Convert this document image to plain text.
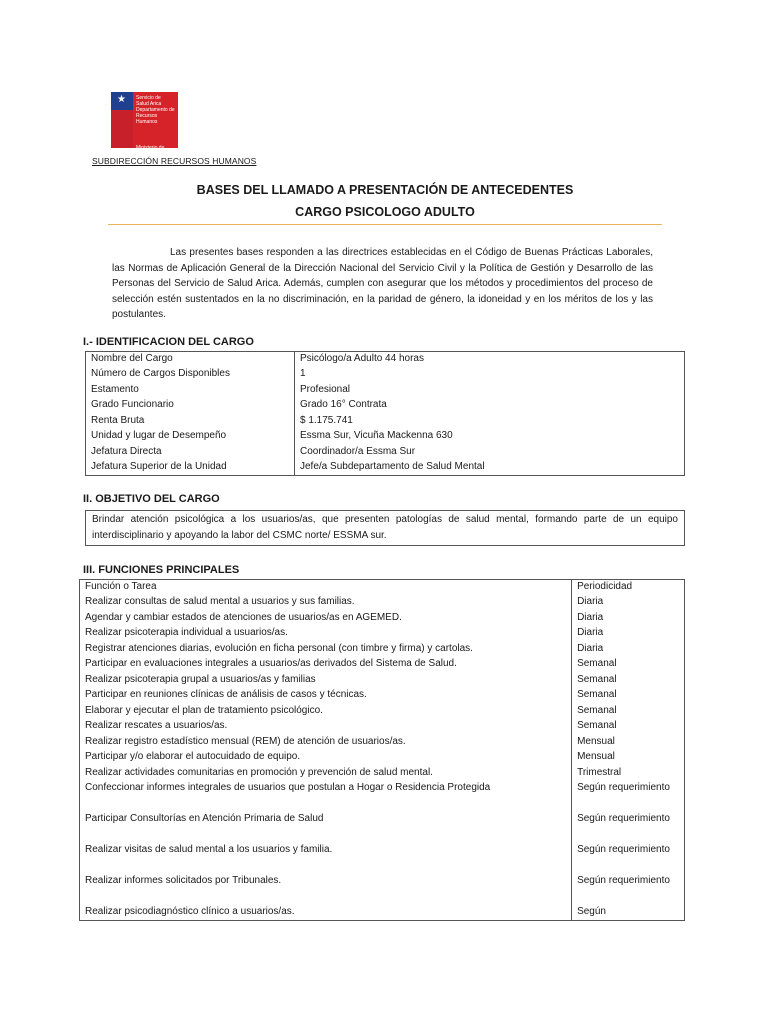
★ Servicio de
Salud Arica
Departamento de
Recursos Humanos
Ministerio de
Salud
SUBDIRECCIÓN RECURSOS HUMANOS
BASES DEL LLAMADO A PRESENTACIÓN DE ANTECEDENTES
CARGO PSICOLOGO ADULTO

Las presentes bases responden a las directrices establecidas en el Código de Buenas Prácticas Laborales, las Normas de Aplicación General de la Dirección Nacional del Servicio Civil y la Política de Gestión y Desarrollo de las Personas del Servicio de Salud Arica. Además, cumplen con asegurar que los métodos y procedimientos del proceso de selección estén sustentados en la no discriminación, en la paridad de género, la idoneidad y en los méritos de los y las postulantes.

I.- IDENTIFICACION DEL CARGO
Nombre del Cargo	Psicólogo/a Adulto 44 horas
Número de Cargos Disponibles	1
Estamento	Profesional
Grado Funcionario	Grado 16° Contrata
Renta Bruta	$ 1.175.741
Unidad y lugar de Desempeño	Essma Sur, Vicuña Mackenna 630
Jefatura Directa	Coordinador/a Essma Sur
Jefatura Superior de la Unidad	Jefe/a Subdepartamento de Salud Mental
II. OBJETIVO DEL CARGO
Brindar atención psicológica a los usuarios/as, que presenten patologías de salud mental, formando parte de un equipo interdisciplinario y apoyando la labor del CSMC norte/ ESSMA sur.
III. FUNCIONES PRINCIPALES
Función o Tarea	Periodicidad
Realizar consultas de salud mental a usuarios y sus familias.	Diaria
Agendar y cambiar estados de atenciones de usuarios/as en AGEMED.	Diaria
Realizar psicoterapia individual a usuarios/as.	Diaria
Registrar atenciones diarias, evolución en ficha personal (con timbre y firma) y cartolas.	Diaria
Participar en evaluaciones integrales a usuarios/as derivados del Sistema de Salud.	Semanal
Realizar psicoterapia grupal a usuarios/as y familias	Semanal
Participar en reuniones clínicas de análisis de casos y técnicas.	Semanal
Elaborar y ejecutar el plan de tratamiento psicológico.	Semanal
Realizar rescates a usuarios/as.	Semanal
Realizar registro estadístico mensual (REM) de atención de usuarios/as.	Mensual
Participar y/o elaborar el autocuidado de equipo.	Mensual
Realizar actividades comunitarias en promoción y prevención de salud mental.	Trimestral
Confeccionar informes integrales de usuarios que postulan a Hogar o Residencia Protegida	Según requerimiento
Participar Consultorías en Atención Primaria de Salud	Según requerimiento
Realizar visitas de salud mental a los usuarios y familia.	Según requerimiento
Realizar informes solicitados por Tribunales.	Según requerimiento
Realizar psicodiagnóstico clínico a usuarios/as.	Según
